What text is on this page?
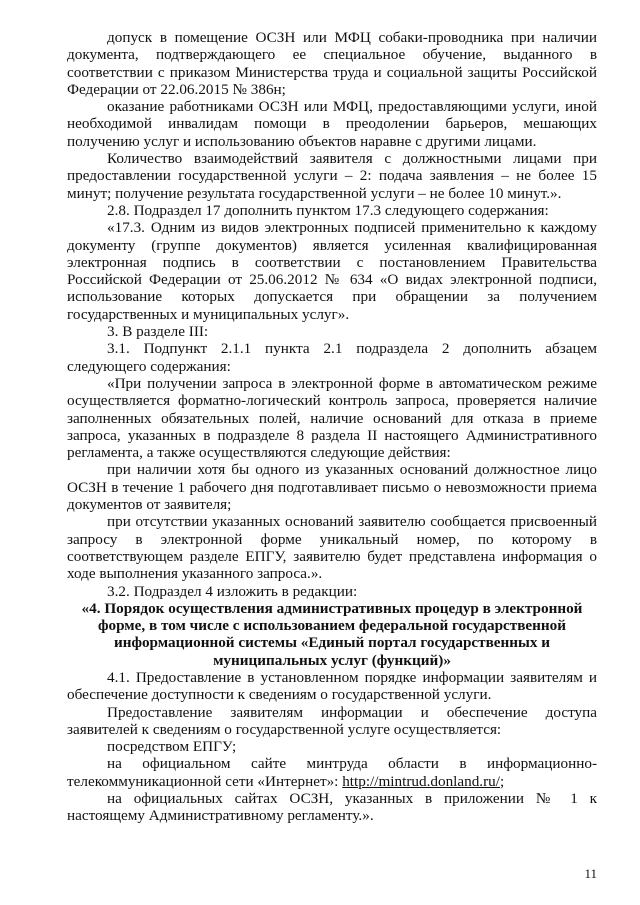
допуск в помещение ОСЗН или МФЦ собаки-проводника при наличии документа, подтверждающего ее специальное обучение, выданного в соответствии с приказом Министерства труда и социальной защиты Российской Федерации от 22.06.2015 № 386н;

оказание работниками ОСЗН или МФЦ, предоставляющими услуги, иной необходимой инвалидам помощи в преодолении барьеров, мешающих получению услуг и использованию объектов наравне с другими лицами.

Количество взаимодействий заявителя с должностными лицами при предоставлении государственной услуги – 2: подача заявления – не более 15 минут; получение результата государственной услуги – не более 10 минут.».

2.8. Подраздел 17 дополнить пунктом 17.3 следующего содержания:

«17.3. Одним из видов электронных подписей применительно к каждому документу (группе документов) является усиленная квалифицированная электронная подпись в соответствии с постановлением Правительства Российской Федерации от 25.06.2012 № 634 «О видах электронной подписи, использование которых допускается при обращении за получением государственных и муниципальных услуг».

3. В разделе III:

3.1. Подпункт 2.1.1 пункта 2.1 подраздела 2 дополнить абзацем следующего содержания:

«При получении запроса в электронной форме в автоматическом режиме осуществляется форматно-логический контроль запроса, проверяется наличие заполненных обязательных полей, наличие оснований для отказа в приеме запроса, указанных в подразделе 8 раздела II настоящего Административного регламента, а также осуществляются следующие действия:

при наличии хотя бы одного из указанных оснований должностное лицо ОСЗН в течение 1 рабочего дня подготавливает письмо о невозможности приема документов от заявителя;

при отсутствии указанных оснований заявителю сообщается присвоенный запросу в электронной форме уникальный номер, по которому в соответствующем разделе ЕПГУ, заявителю будет представлена информация о ходе выполнения указанного запроса.».

3.2. Подраздел 4 изложить в редакции:

«4. Порядок осуществления административных процедур в электронной форме, в том числе с использованием федеральной государственной информационной системы «Единый портал государственных и муниципальных услуг (функций)»

4.1. Предоставление в установленном порядке информации заявителям и обеспечение доступности к сведениям о государственной услуги.

Предоставление заявителям информации и обеспечение доступа заявителей к сведениям о государственной услуге осуществляется:

посредством ЕПГУ;

на официальном сайте минтруда области в информационно-телекоммуникационной сети «Интернет»: http://mintrud.donland.ru/;

на официальных сайтах ОСЗН, указанных в приложении № 1 к настоящему Административному регламенту.».

11
